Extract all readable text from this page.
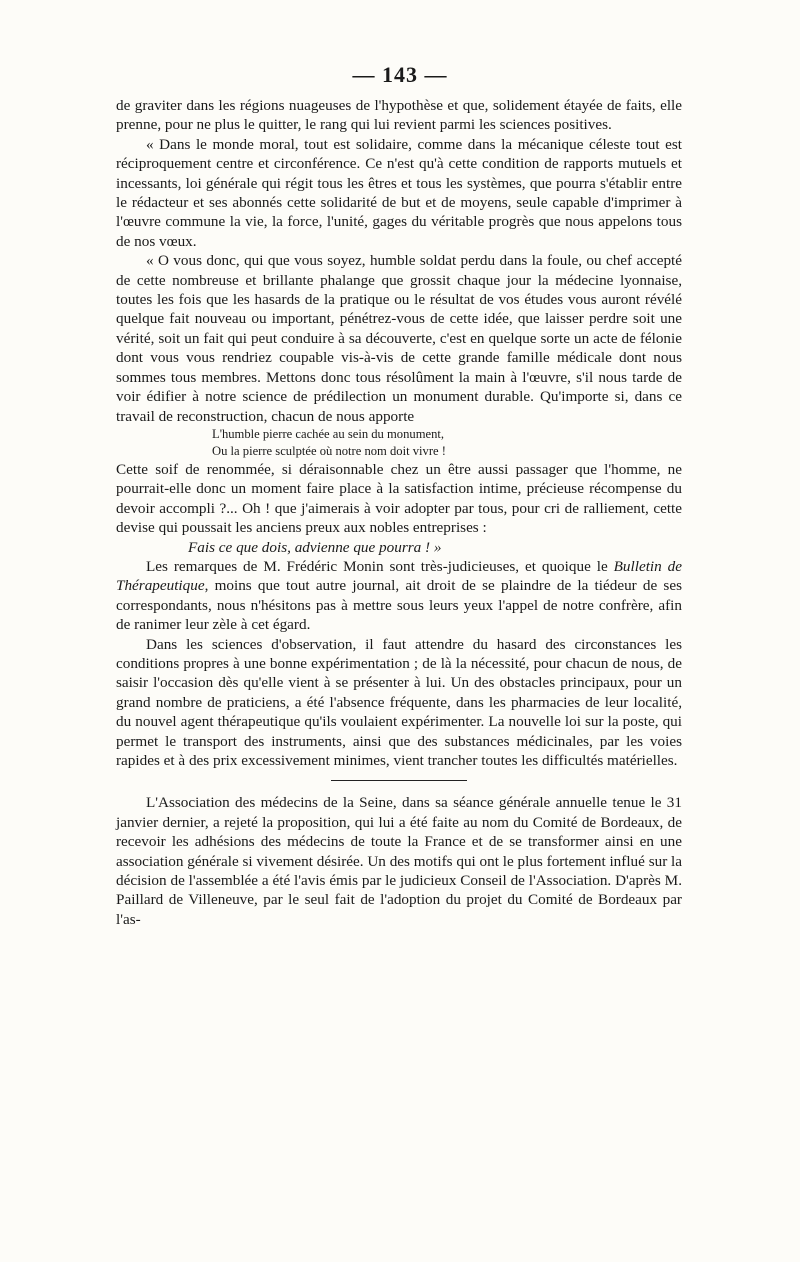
— 143 —

de graviter dans les régions nuageuses de l'hypothèse et que, solidement étayée de faits, elle prenne, pour ne plus le quitter, le rang qui lui revient parmi les sciences positives.

« Dans le monde moral, tout est solidaire, comme dans la mécanique céleste tout est réciproquement centre et circonférence. Ce n'est qu'à cette condition de rapports mutuels et incessants, loi générale qui régit tous les êtres et tous les systèmes, que pourra s'établir entre le rédacteur et ses abonnés cette solidarité de but et de moyens, seule capable d'imprimer à l'œuvre commune la vie, la force, l'unité, gages du véritable progrès que nous appelons tous de nos vœux.

« O vous donc, qui que vous soyez, humble soldat perdu dans la foule, ou chef accepté de cette nombreuse et brillante phalange que grossit chaque jour la médecine lyonnaise, toutes les fois que les hasards de la pratique ou le résultat de vos études vous auront révélé quelque fait nouveau ou important, pénétrez-vous de cette idée, que laisser perdre soit une vérité, soit un fait qui peut conduire à sa découverte, c'est en quelque sorte un acte de félonie dont vous vous rendriez coupable vis-à-vis de cette grande famille médicale dont nous sommes tous membres. Mettons donc tous résolûment la main à l'œuvre, s'il nous tarde de voir édifier à notre science de prédilection un monument durable. Qu'importe si, dans ce travail de reconstruction, chacun de nous apporte

L'humble pierre cachée au sein du monument,

Ou la pierre sculptée où notre nom doit vivre !

Cette soif de renommée, si déraisonnable chez un être aussi passager que l'homme, ne pourrait-elle donc un moment faire place à la satisfaction intime, précieuse récompense du devoir accompli ?... Oh ! que j'aimerais à voir adopter par tous, pour cri de ralliement, cette devise qui poussait les anciens preux aux nobles entreprises :

Fais ce que dois, advienne que pourra ! »

Les remarques de M. Frédéric Monin sont très-judicieuses, et quoique le Bulletin de Thérapeutique, moins que tout autre journal, ait droit de se plaindre de la tiédeur de ses correspondants, nous n'hésitons pas à mettre sous leurs yeux l'appel de notre confrère, afin de ranimer leur zèle à cet égard.

Dans les sciences d'observation, il faut attendre du hasard des circonstances les conditions propres à une bonne expérimentation ; de là la nécessité, pour chacun de nous, de saisir l'occasion dès qu'elle vient à se présenter à lui. Un des obstacles principaux, pour un grand nombre de praticiens, a été l'absence fréquente, dans les pharmacies de leur localité, du nouvel agent thérapeutique qu'ils voulaient expérimenter. La nouvelle loi sur la poste, qui permet le transport des instruments, ainsi que des substances médicinales, par les voies rapides et à des prix excessivement minimes, vient trancher toutes les difficultés matérielles.

L'Association des médecins de la Seine, dans sa séance générale annuelle tenue le 31 janvier dernier, a rejeté la proposition, qui lui a été faite au nom du Comité de Bordeaux, de recevoir les adhésions des médecins de toute la France et de se transformer ainsi en une association générale si vivement désirée. Un des motifs qui ont le plus fortement influé sur la décision de l'assemblée a été l'avis émis par le judicieux Conseil de l'Association. D'après M. Paillard de Villeneuve, par le seul fait de l'adoption du projet du Comité de Bordeaux par l'as-
